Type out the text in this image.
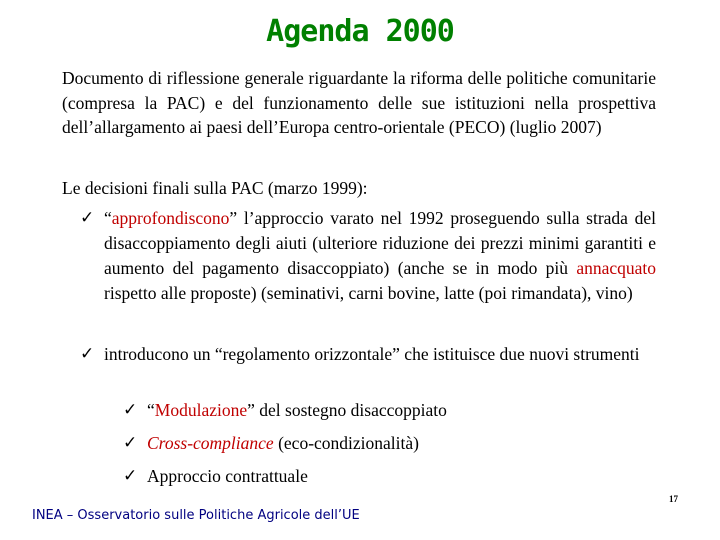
Agenda 2000

Documento di riflessione generale riguardante la riforma delle politiche comunitarie (compresa la PAC) e del funzionamento delle sue istituzioni nella prospettiva dell’allargamento ai paesi dell’Europa centro-orientale (PECO) (luglio 2007)

Le decisioni finali sulla PAC (marzo 1999):

✓ “approfondiscono” l’approccio varato nel 1992 proseguendo sulla strada del disaccoppiamento degli aiuti (ulteriore riduzione dei prezzi minimi garantiti e aumento del pagamento disaccoppiato) (anche se in modo più annacquato rispetto alle proposte) (seminativi, carni bovine, latte (poi rimandata), vino)

✓ introducono un “regolamento orizzontale” che istituisce due nuovi strumenti

✓ “Modulazione” del sostegno disaccoppiato

✓ Cross-compliance (eco-condizionalità)

✓ Approccio contrattuale

17
INEA – Osservatorio sulle Politiche Agricole dell’UE
